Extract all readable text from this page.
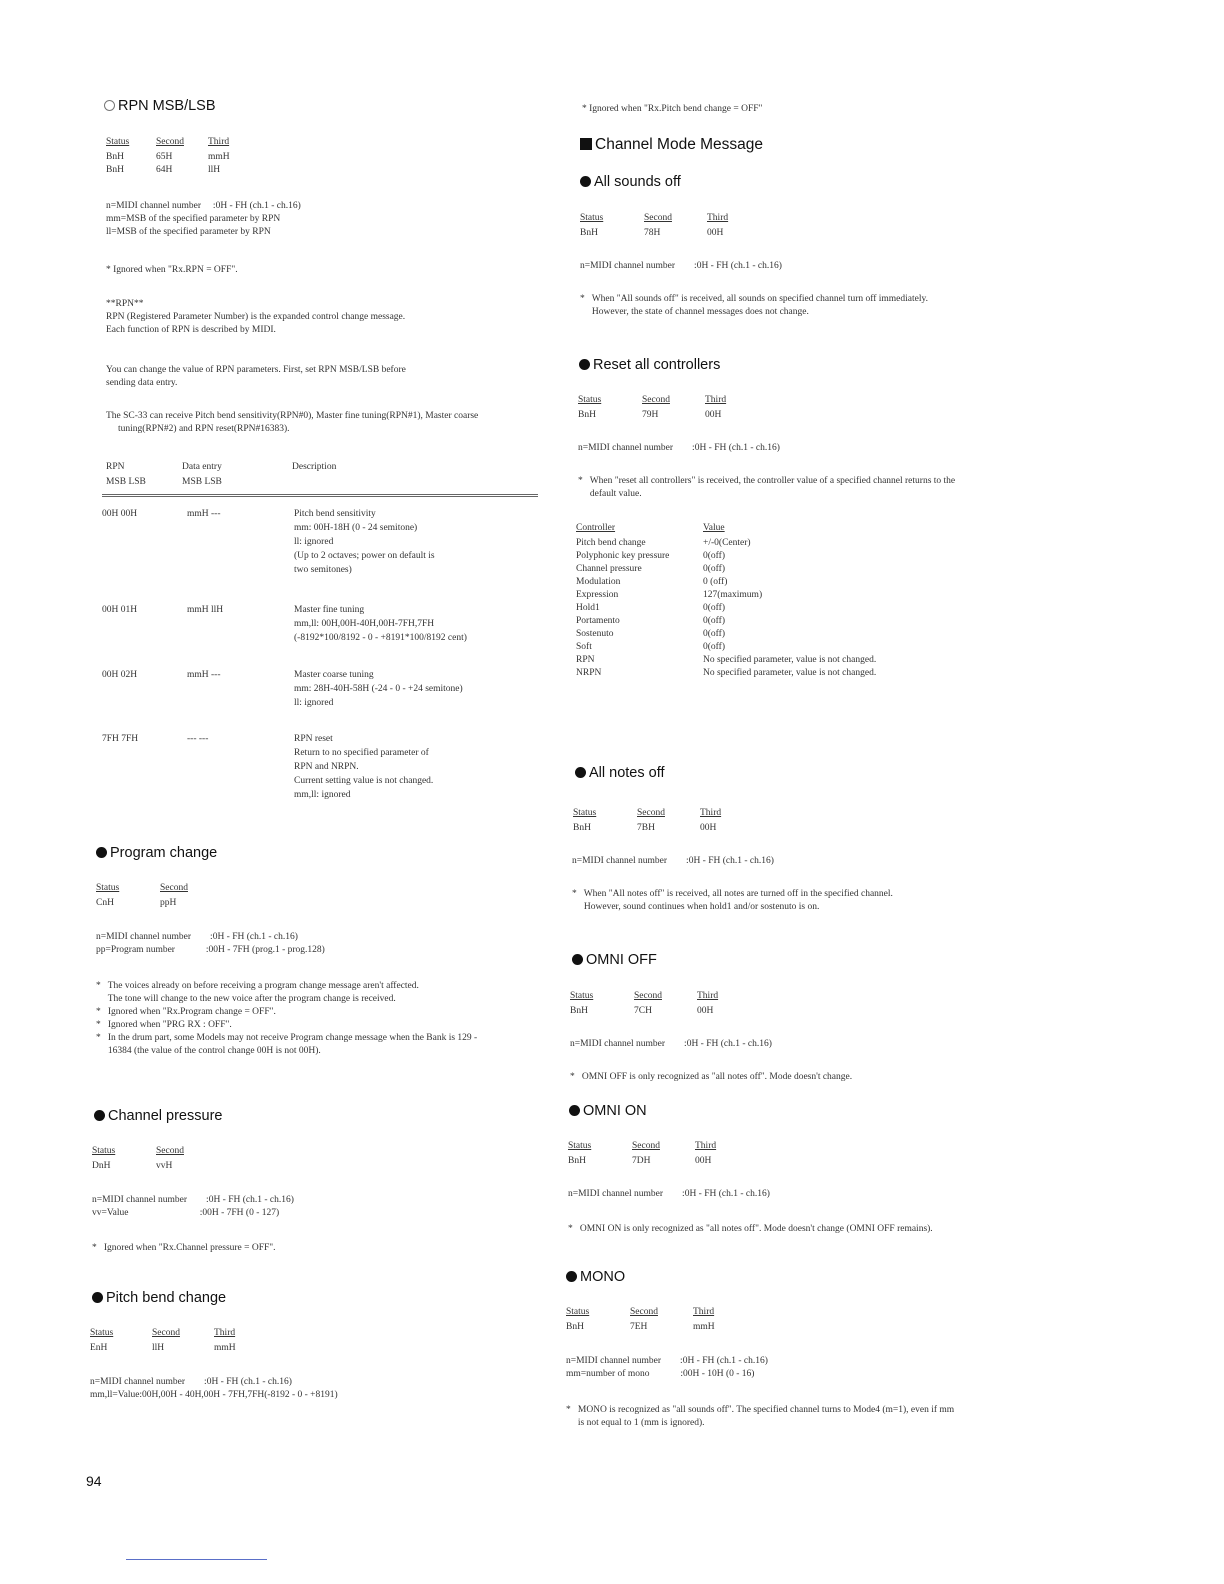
RPN MSB/LSB
Status	Second	Third
BnH	65H	mmH
BnH	64H	llH
n=MIDI channel number     :0H - FH (ch.1 - ch.16)
mm=MSB of the specified parameter by RPN
ll=MSB of the specified parameter by RPN
* Ignored when "Rx.RPN = OFF".
**RPN**
RPN (Registered Parameter Number) is the expanded control change message.
Each function of RPN is described by MIDI.
You can change the value of RPN parameters. First, set RPN MSB/LSB before
sending data entry.
The SC-33 can receive Pitch bend sensitivity(RPN#0), Master fine tuning(RPN#1), Master coarse
tuning(RPN#2) and RPN reset(RPN#16383).
RPN	Data entry	Description
MSB LSB	MSB LSB	
00H 00H	mmH ---	Pitch bend sensitivity
mm: 00H-18H (0 - 24 semitone)
ll: ignored
(Up to 2 octaves; power on default is
two semitones)
00H 01H	mmH llH	Master fine tuning
mm,ll: 00H,00H-40H,00H-7FH,7FH
(-8192*100/8192 - 0 - +8191*100/8192 cent)
00H 02H	mmH ---	Master coarse tuning
mm: 28H-40H-58H (-24 - 0 - +24 semitone)
ll: ignored
7FH 7FH	--- ---	RPN reset
Return to no specified parameter of
RPN and NRPN.
Current setting value is not changed.
mm,ll: ignored
Program change
Status	Second
CnH	ppH
n=MIDI channel number        :0H - FH (ch.1 - ch.16)
pp=Program number             :00H - 7FH (prog.1 - prog.128)
*   The voices already on before receiving a program change message aren't affected.
The tone will change to the new voice after the program change is received.
*   Ignored when "Rx.Program change = OFF".
*   Ignored when "PRG RX : OFF".
*   In the drum part, some Models may not receive Program change message when the Bank is 129 -
16384 (the value of the control change 00H is not 00H).
Channel pressure
Status	Second
DnH	vvH
n=MIDI channel number        :0H - FH (ch.1 - ch.16)
vv=Value                              :00H - 7FH (0 - 127)
*   Ignored when "Rx.Channel pressure = OFF".
Pitch bend change
Status	Second	Third
EnH	llH	mmH
n=MIDI channel number        :0H - FH (ch.1 - ch.16)
mm,ll=Value:00H,00H - 40H,00H - 7FH,7FH(-8192 - 0 - +8191)
* Ignored when "Rx.Pitch bend change = OFF"
Channel Mode Message
All sounds off
Status	Second	Third
BnH	78H	00H
n=MIDI channel number        :0H - FH (ch.1 - ch.16)
*   When "All sounds off" is received, all sounds on specified channel turn off immediately.
However, the state of channel messages does not change.
Reset all controllers
Status	Second	Third
BnH	79H	00H
n=MIDI channel number        :0H - FH (ch.1 - ch.16)
*   When "reset all controllers" is received, the controller value of a specified channel returns to the
default value.
Controller	Value
Pitch bend change	+/-0(Center)
Polyphonic key pressure	0(off)
Channel pressure	0(off)
Modulation	0 (off)
Expression	127(maximum)
Hold1	0(off)
Portamento	0(off)
Sostenuto	0(off)
Soft	0(off)
RPN	No specified parameter, value is not changed.
NRPN	No specified parameter, value is not changed.
All notes off
Status	Second	Third
BnH	7BH	00H
n=MIDI channel number        :0H - FH (ch.1 - ch.16)
*   When "All notes off" is received, all notes are turned off in the specified channel.
However, sound continues when hold1 and/or sostenuto is on.
OMNI OFF
Status	Second	Third
BnH	7CH	00H
n=MIDI channel number        :0H - FH (ch.1 - ch.16)
*   OMNI OFF is only recognized as "all notes off". Mode doesn't change.
OMNI ON
Status	Second	Third
BnH	7DH	00H
n=MIDI channel number        :0H - FH (ch.1 - ch.16)
*   OMNI ON is only recognized as "all notes off". Mode doesn't change (OMNI OFF remains).
MONO
Status	Second	Third
BnH	7EH	mmH
n=MIDI channel number        :0H - FH (ch.1 - ch.16)
mm=number of mono             :00H - 10H (0 - 16)
*   MONO is recognized as "all sounds off". The specified channel turns to Mode4 (m=1), even if mm
is not equal to 1 (mm is ignored).
94
